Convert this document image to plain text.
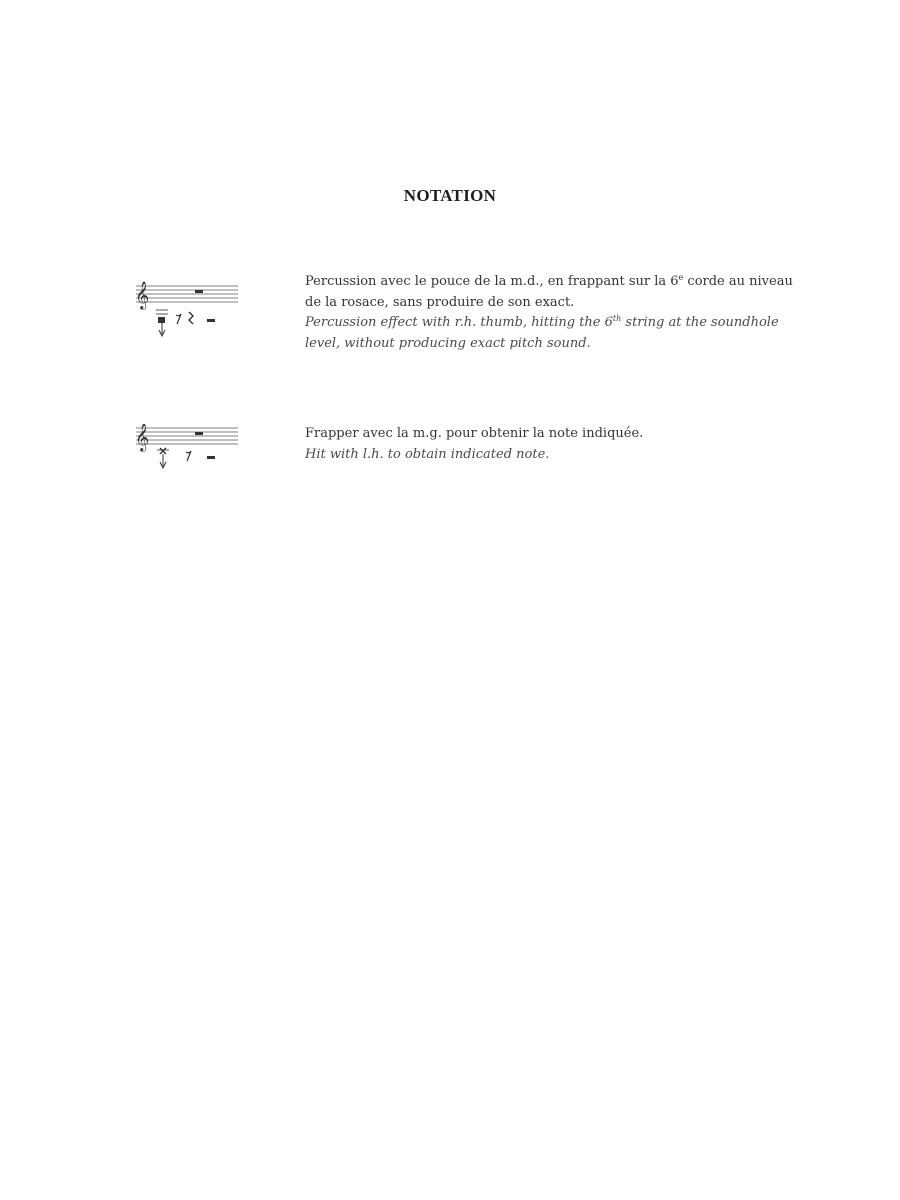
NOTATION
𝄞	Percussion avec le pouce de la m.d., en frappant sur la 6e corde au niveau
de la rosace, sans produire de son exact.
Percussion effect with r.h. thumb, hitting the 6th string at the soundhole
level, without producing exact pitch sound.
𝄞	Frapper avec la m.g. pour obtenir la note indiquée.
Hit with l.h. to obtain indicated note.
